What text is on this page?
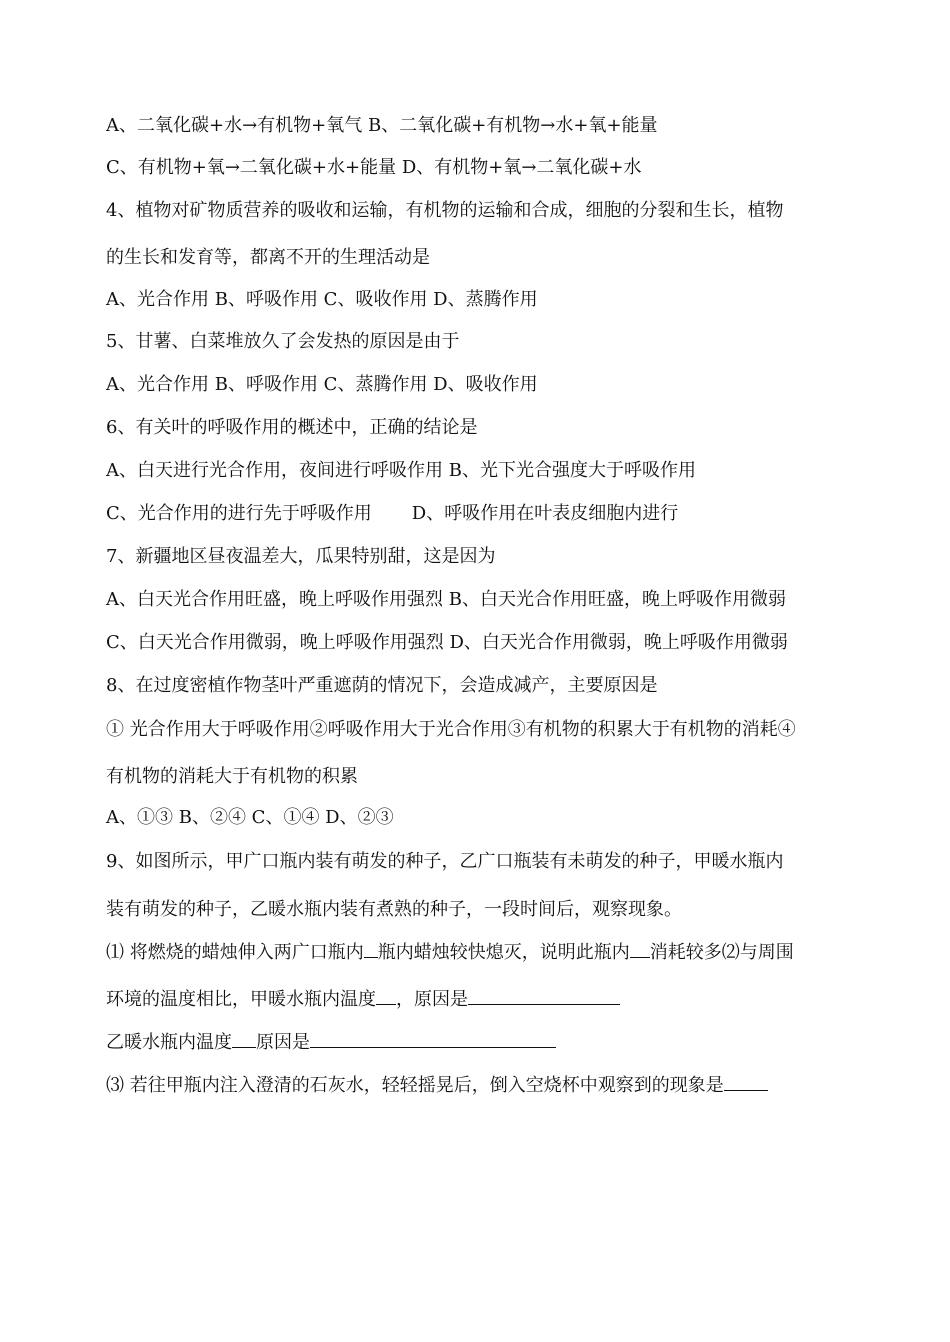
A、二氧化碳+水→有机物+氧气 B、二氧化碳+有机物→水+氧+能量
C、有机物+氧→二氧化碳+水+能量 D、有机物+氧→二氧化碳+水
4、植物对矿物质营养的吸收和运输，有机物的运输和合成，细胞的分裂和生长，植物
的生长和发育等，都离不开的生理活动是
A、光合作用 B、呼吸作用 C、吸收作用 D、蒸腾作用
5、甘薯、白菜堆放久了会发热的原因是由于
A、光合作用 B、呼吸作用 C、蒸腾作用 D、吸收作用
6、有关叶的呼吸作用的概述中，正确的结论是
A、白天进行光合作用，夜间进行呼吸作用 B、光下光合强度大于呼吸作用
C、光合作用的进行先于呼吸作用 D、呼吸作用在叶表皮细胞内进行
7、新疆地区昼夜温差大，瓜果特别甜，这是因为
A、白天光合作用旺盛，晚上呼吸作用强烈 B、白天光合作用旺盛，晚上呼吸作用微弱
C、白天光合作用微弱，晚上呼吸作用强烈 D、白天光合作用微弱，晚上呼吸作用微弱
8、在过度密植作物茎叶严重遮荫的情况下，会造成减产，主要原因是
① 光合作用大于呼吸作用②呼吸作用大于光合作用③有机物的积累大于有机物的消耗④
有机物的消耗大于有机物的积累
A、①③ B、②④ C、①④ D、②③
9、如图所示，甲广口瓶内装有萌发的种子，乙广口瓶装有未萌发的种子，甲暖水瓶内
装有萌发的种子，乙暖水瓶内装有煮熟的种子，一段时间后，观察现象。
⑴ 将燃烧的蜡烛伸入两广口瓶内 瓶内蜡烛较快熄灭，说明此瓶内 消耗较多⑵与周围
环境的温度相比，甲暖水瓶内温度 ，原因是
乙暖水瓶内温度 原因是
⑶ 若往甲瓶内注入澄清的石灰水，轻轻摇晃后，倒入空烧杯中观察到的现象是
